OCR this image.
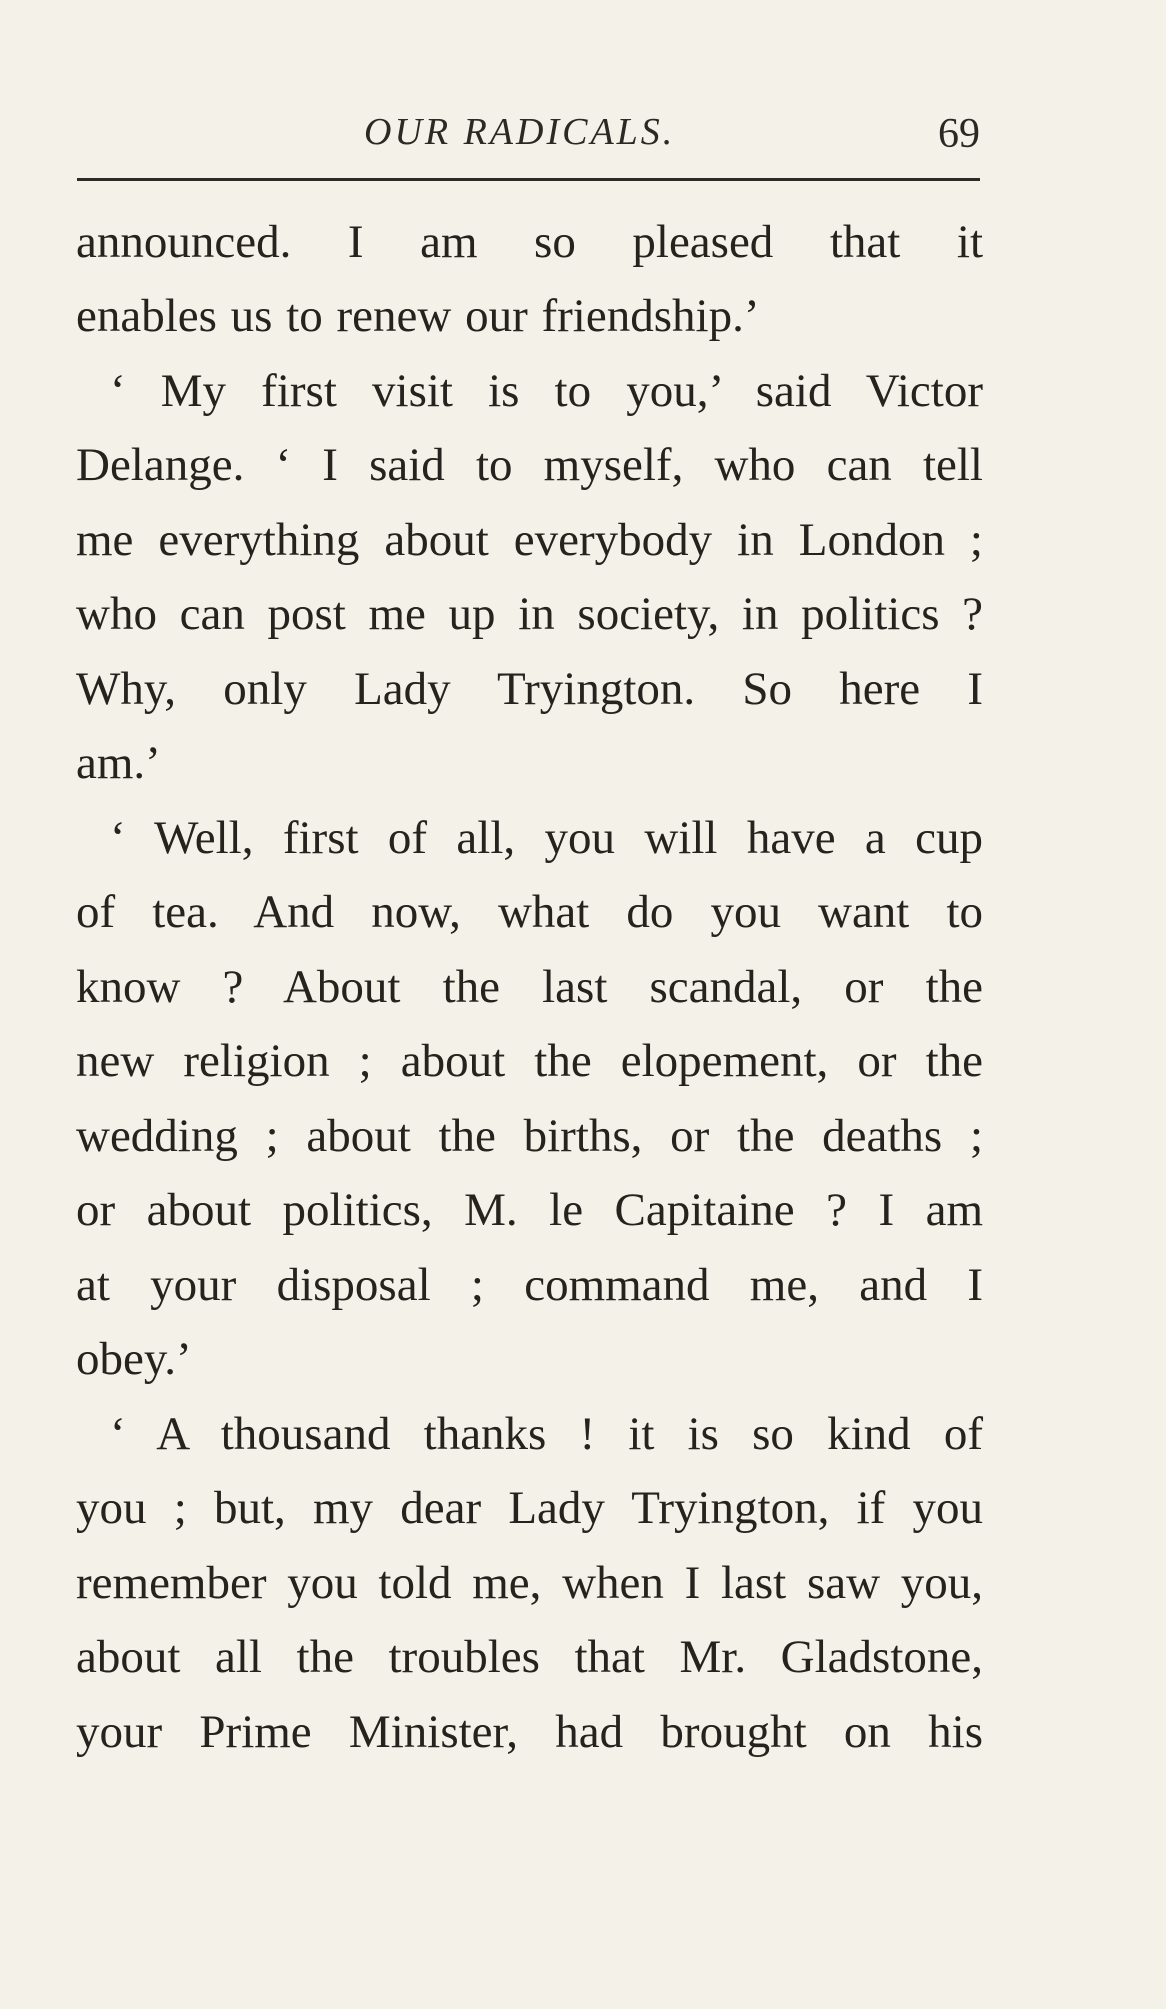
OUR RADICALS.	69
announced. I am so pleased that it
enables us to renew our friendship.’
‘ My first visit is to you,’ said Victor
Delange. ‘ I said to myself, who can tell
me everything about everybody in London ;
who can post me up in society, in politics ?
Why, only Lady Tryington. So here I
am.’
‘ Well, first of all, you will have a cup
of tea. And now, what do you want to
know ? About the last scandal, or the
new religion ; about the elopement, or the
wedding ; about the births, or the deaths ;
or about politics, M. le Capitaine ? I am
at your disposal ; command me, and I
obey.’
‘ A thousand thanks ! it is so kind of
you ; but, my dear Lady Tryington, if you
remember you told me, when I last saw you,
about all the troubles that Mr. Gladstone,
your Prime Minister, had brought on his
